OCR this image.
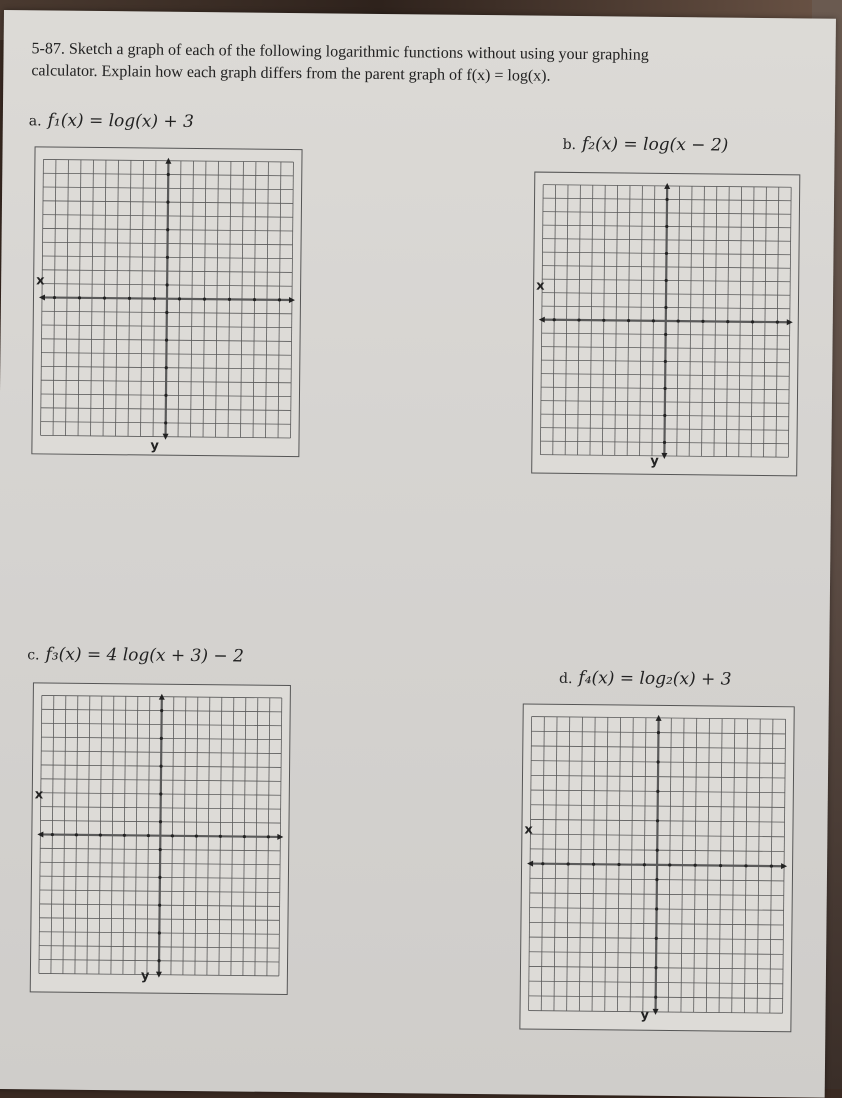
5-87. Sketch a graph of each of the following logarithmic functions without using your graphing
calculator. Explain how each graph differs from the parent graph of f(x) = log(x).
a. f₁(x) = log(x) + 3
x
y
b. f₂(x) = log(x − 2)
x
y
c. f₃(x) = 4 log(x + 3) − 2
x
y
d. f₄(x) = log₂(x) + 3
x
y
